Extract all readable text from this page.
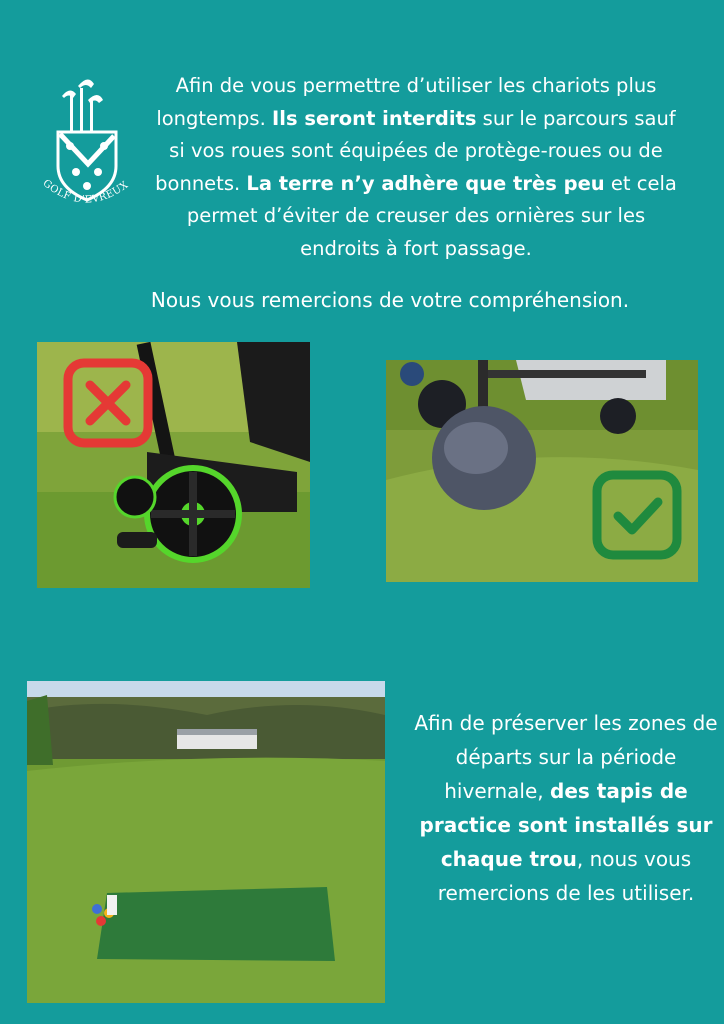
GOLF D'EVREUX
Afin de vous permettre d’utiliser les chariots plus longtemps. Ils seront interdits sur le parcours sauf si vos roues sont équipées de protège-roues ou de bonnets. La terre n’y adhère que très peu et cela permet d’éviter de creuser des ornières sur les endroits à fort passage.
Nous vous remercions de votre compréhension.
Afin de préserver les zones de départs sur la période hivernale, des tapis de practice sont installés sur chaque trou, nous vous remercions de les utiliser.
